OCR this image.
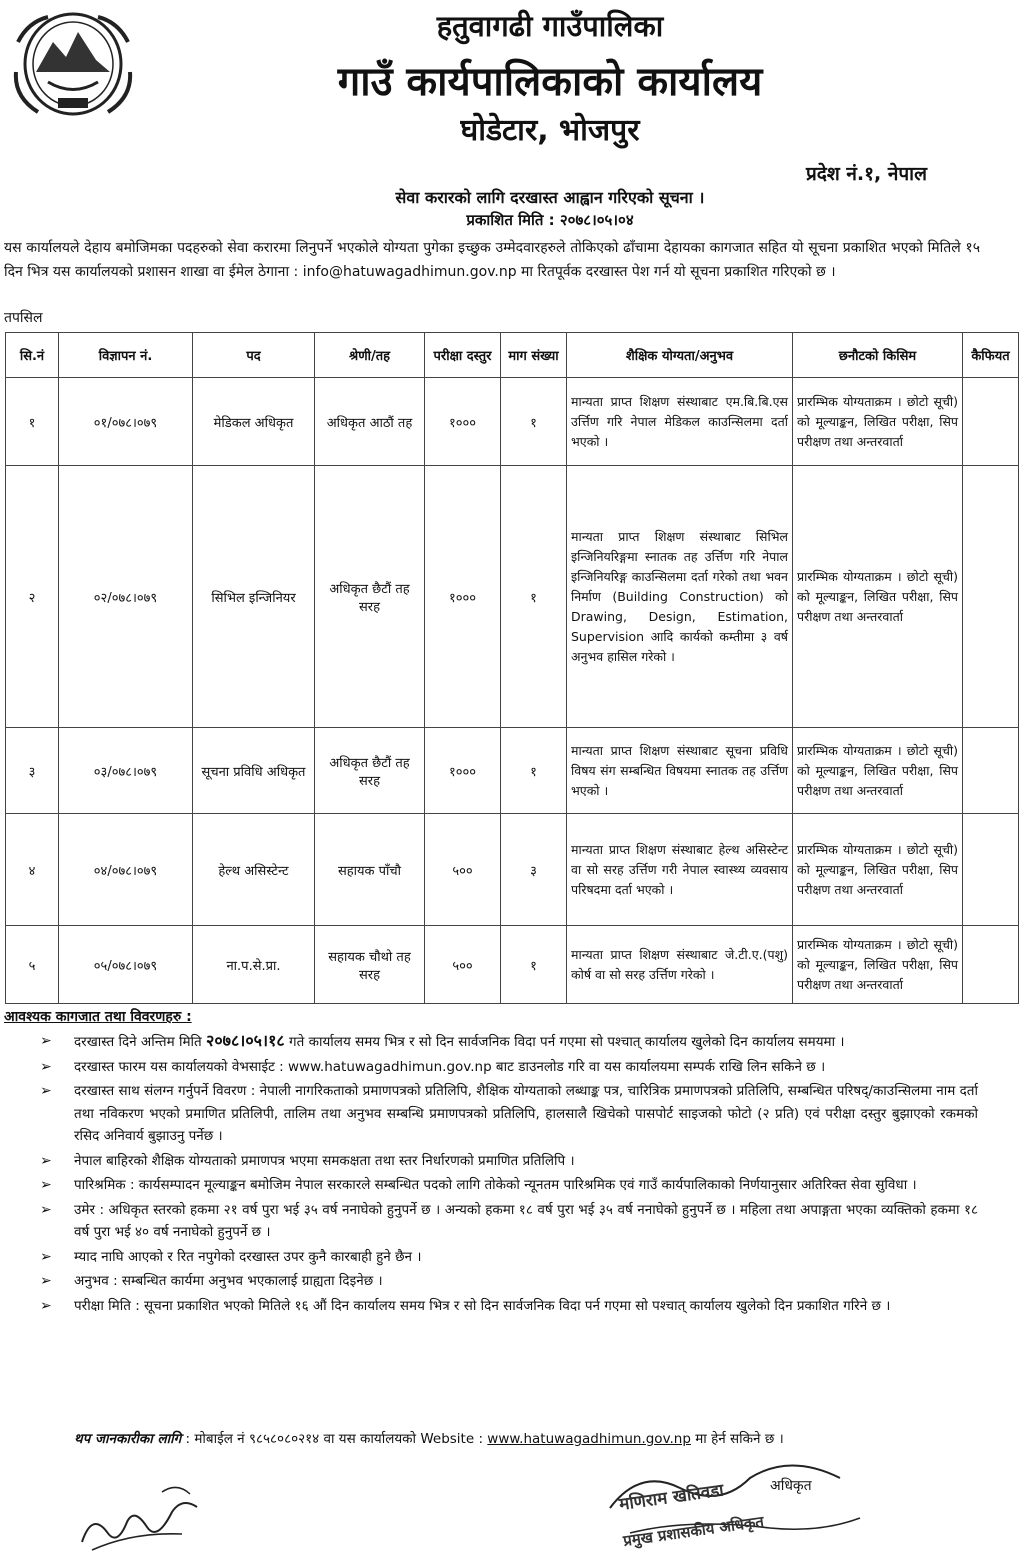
हतुवागढी गाउँपालिका
गाउँ कार्यपालिकाको कार्यालय
घोडेटार, भोजपुर
प्रदेश नं.१, नेपाल
सेवा करारको लागि दरखास्त आह्वान गरिएको सूचना ।
प्रकाशित मिति : २०७८।०५।०४
यस कार्यालयले देहाय बमोजिमका पदहरुको सेवा करारमा लिनुपर्ने भएकोले योग्यता पुगेका इच्छुक उम्मेदवारहरुले तोकिएको ढाँचामा देहायका कागजात सहित यो सूचना प्रकाशित भएको मितिले १५ दिन भित्र यस कार्यालयको प्रशासन शाखा वा ईमेल ठेगाना : info@hatuwagadhimun.gov.np मा रितपूर्वक दरखास्त पेश गर्न यो सूचना प्रकाशित गरिएको छ ।
तपसिल
सि.नं	विज्ञापन नं.	पद	श्रेणी/तह	परीक्षा दस्तुर	माग संख्या	शैक्षिक योग्यता/अनुभव	छनौटको किसिम	कैफियत
१	०१/०७८।०७९	मेडिकल अधिकृत	अधिकृत आठौं तह	१०००	१	मान्यता प्राप्त शिक्षण संस्थाबाट एम.बि.बि.एस उर्त्तिण गरि नेपाल मेडिकल काउन्सिलमा दर्ता भएको ।	प्रारम्भिक योग्यताक्रम । छोटो सूची) को मूल्याङ्कन, लिखित परीक्षा, सिप परीक्षण तथा अन्तरवार्ता	
२	०२/०७८।०७९	सिभिल इन्जिनियर	अधिकृत छैटौं तह सरह	१०००	१	मान्यता प्राप्त शिक्षण संस्थाबाट सिभिल इन्जिनियरिङ्गमा स्नातक तह उर्त्तिण गरि नेपाल इन्जिनियरिङ्ग काउन्सिलमा दर्ता गरेको तथा भवन निर्माण (Building Construction) को Drawing, Design, Estimation, Supervision आदि कार्यको कम्तीमा ३ वर्ष अनुभव हासिल गरेको ।	प्रारम्भिक योग्यताक्रम । छोटो सूची) को मूल्याङ्कन, लिखित परीक्षा, सिप परीक्षण तथा अन्तरवार्ता	
३	०३/०७८।०७९	सूचना प्रविधि अधिकृत	अधिकृत छैटौं तह सरह	१०००	१	मान्यता प्राप्त शिक्षण संस्थाबाट सूचना प्रविधि विषय संग सम्बन्धित विषयमा स्नातक तह उर्त्तिण भएको ।	प्रारम्भिक योग्यताक्रम । छोटो सूची) को मूल्याङ्कन, लिखित परीक्षा, सिप परीक्षण तथा अन्तरवार्ता	
४	०४/०७८।०७९	हेल्थ असिस्टेन्ट	सहायक पाँचौ	५००	३	मान्यता प्राप्त शिक्षण संस्थाबाट हेल्थ असिस्टेन्ट वा सो सरह उर्त्तिण गरी नेपाल स्वास्थ्य व्यवसाय परिषदमा दर्ता भएको ।	प्रारम्भिक योग्यताक्रम । छोटो सूची) को मूल्याङ्कन, लिखित परीक्षा, सिप परीक्षण तथा अन्तरवार्ता	
५	०५/०७८।०७९	ना.प.से.प्रा.	सहायक चौथो तह सरह	५००	१	मान्यता प्राप्त शिक्षण संस्थाबाट जे.टी.ए.(पशु) कोर्ष वा सो सरह उर्त्तिण गरेको ।	प्रारम्भिक योग्यताक्रम । छोटो सूची) को मूल्याङ्कन, लिखित परीक्षा, सिप परीक्षण तथा अन्तरवार्ता	
आवश्यक कागजात तथा विवरणहरु :
➢ दरखास्त दिने अन्तिम मिति २०७८।०५।१८ गते कार्यालय समय भित्र र सो दिन सार्वजनिक विदा पर्न गएमा सो पश्चात् कार्यालय खुलेको दिन कार्यालय समयमा ।
➢ दरखास्त फारम यस कार्यालयको वेभसाईट : www.hatuwagadhimun.gov.np बाट डाउनलोड गरि वा यस कार्यालयमा सम्पर्क राखि लिन सकिने छ ।
➢ दरखास्त साथ संलग्न गर्नुपर्ने विवरण : नेपाली नागरिकताको प्रमाणपत्रको प्रतिलिपि, शैक्षिक योग्यताको लब्धाङ्क पत्र, चारित्रिक प्रमाणपत्रको प्रतिलिपि, सम्बन्धित परिषद्/काउन्सिलमा नाम दर्ता तथा नविकरण भएको प्रमाणित प्रतिलिपी, तालिम तथा अनुभव सम्बन्धि प्रमाणपत्रको प्रतिलिपि, हालसालै खिचेको पासपोर्ट साइजको फोटो (२ प्रति) एवं परीक्षा दस्तुर बुझाएको रकमको रसिद अनिवार्य बुझाउनु पर्नेछ ।
➢ नेपाल बाहिरको शैक्षिक योग्यताको प्रमाणपत्र भएमा समकक्षता तथा स्तर निर्धारणको प्रमाणित प्रतिलिपि ।
➢ पारिश्रमिक : कार्यसम्पादन मूल्याङ्कन बमोजिम नेपाल सरकारले सम्बन्धित पदको लागि तोकेको न्यूनतम पारिश्रमिक एवं गाउँ कार्यपालिकाको निर्णयानुसार अतिरिक्त सेवा सुविधा ।
➢ उमेर : अधिकृत स्तरको हकमा २१ वर्ष पुरा भई ३५ वर्ष ननाघेको हुनुपर्ने छ । अन्यको हकमा १८ वर्ष पुरा भई ३५ वर्ष ननाघेको हुनुपर्ने छ । महिला तथा अपाङ्गता भएका व्यक्तिको हकमा १८ वर्ष पुरा भई ४० वर्ष ननाघेको हुनुपर्ने छ ।
➢ म्याद नाघि आएको र रित नपुगेको दरखास्त उपर कुनै कारबाही हुने छैन ।
➢ अनुभव : सम्बन्धित कार्यमा अनुभव भएकालाई ग्राह्यता दिइनेछ ।
➢ परीक्षा मिति : सूचना प्रकाशित भएको मितिले १६ औं दिन कार्यालय समय भित्र र सो दिन सार्वजनिक विदा पर्न गएमा सो पश्चात् कार्यालय खुलेको दिन प्रकाशित गरिने छ ।
थप जानकारीका लागि : मोबाईल नं ९८५८०८०२१४ वा यस कार्यालयको Website : www.hatuwagadhimun.gov.np मा हेर्न सकिने छ ।
मणिराम खतिवडा
प्रमुख प्रशासकीय अधिकृत
अधिकृत
